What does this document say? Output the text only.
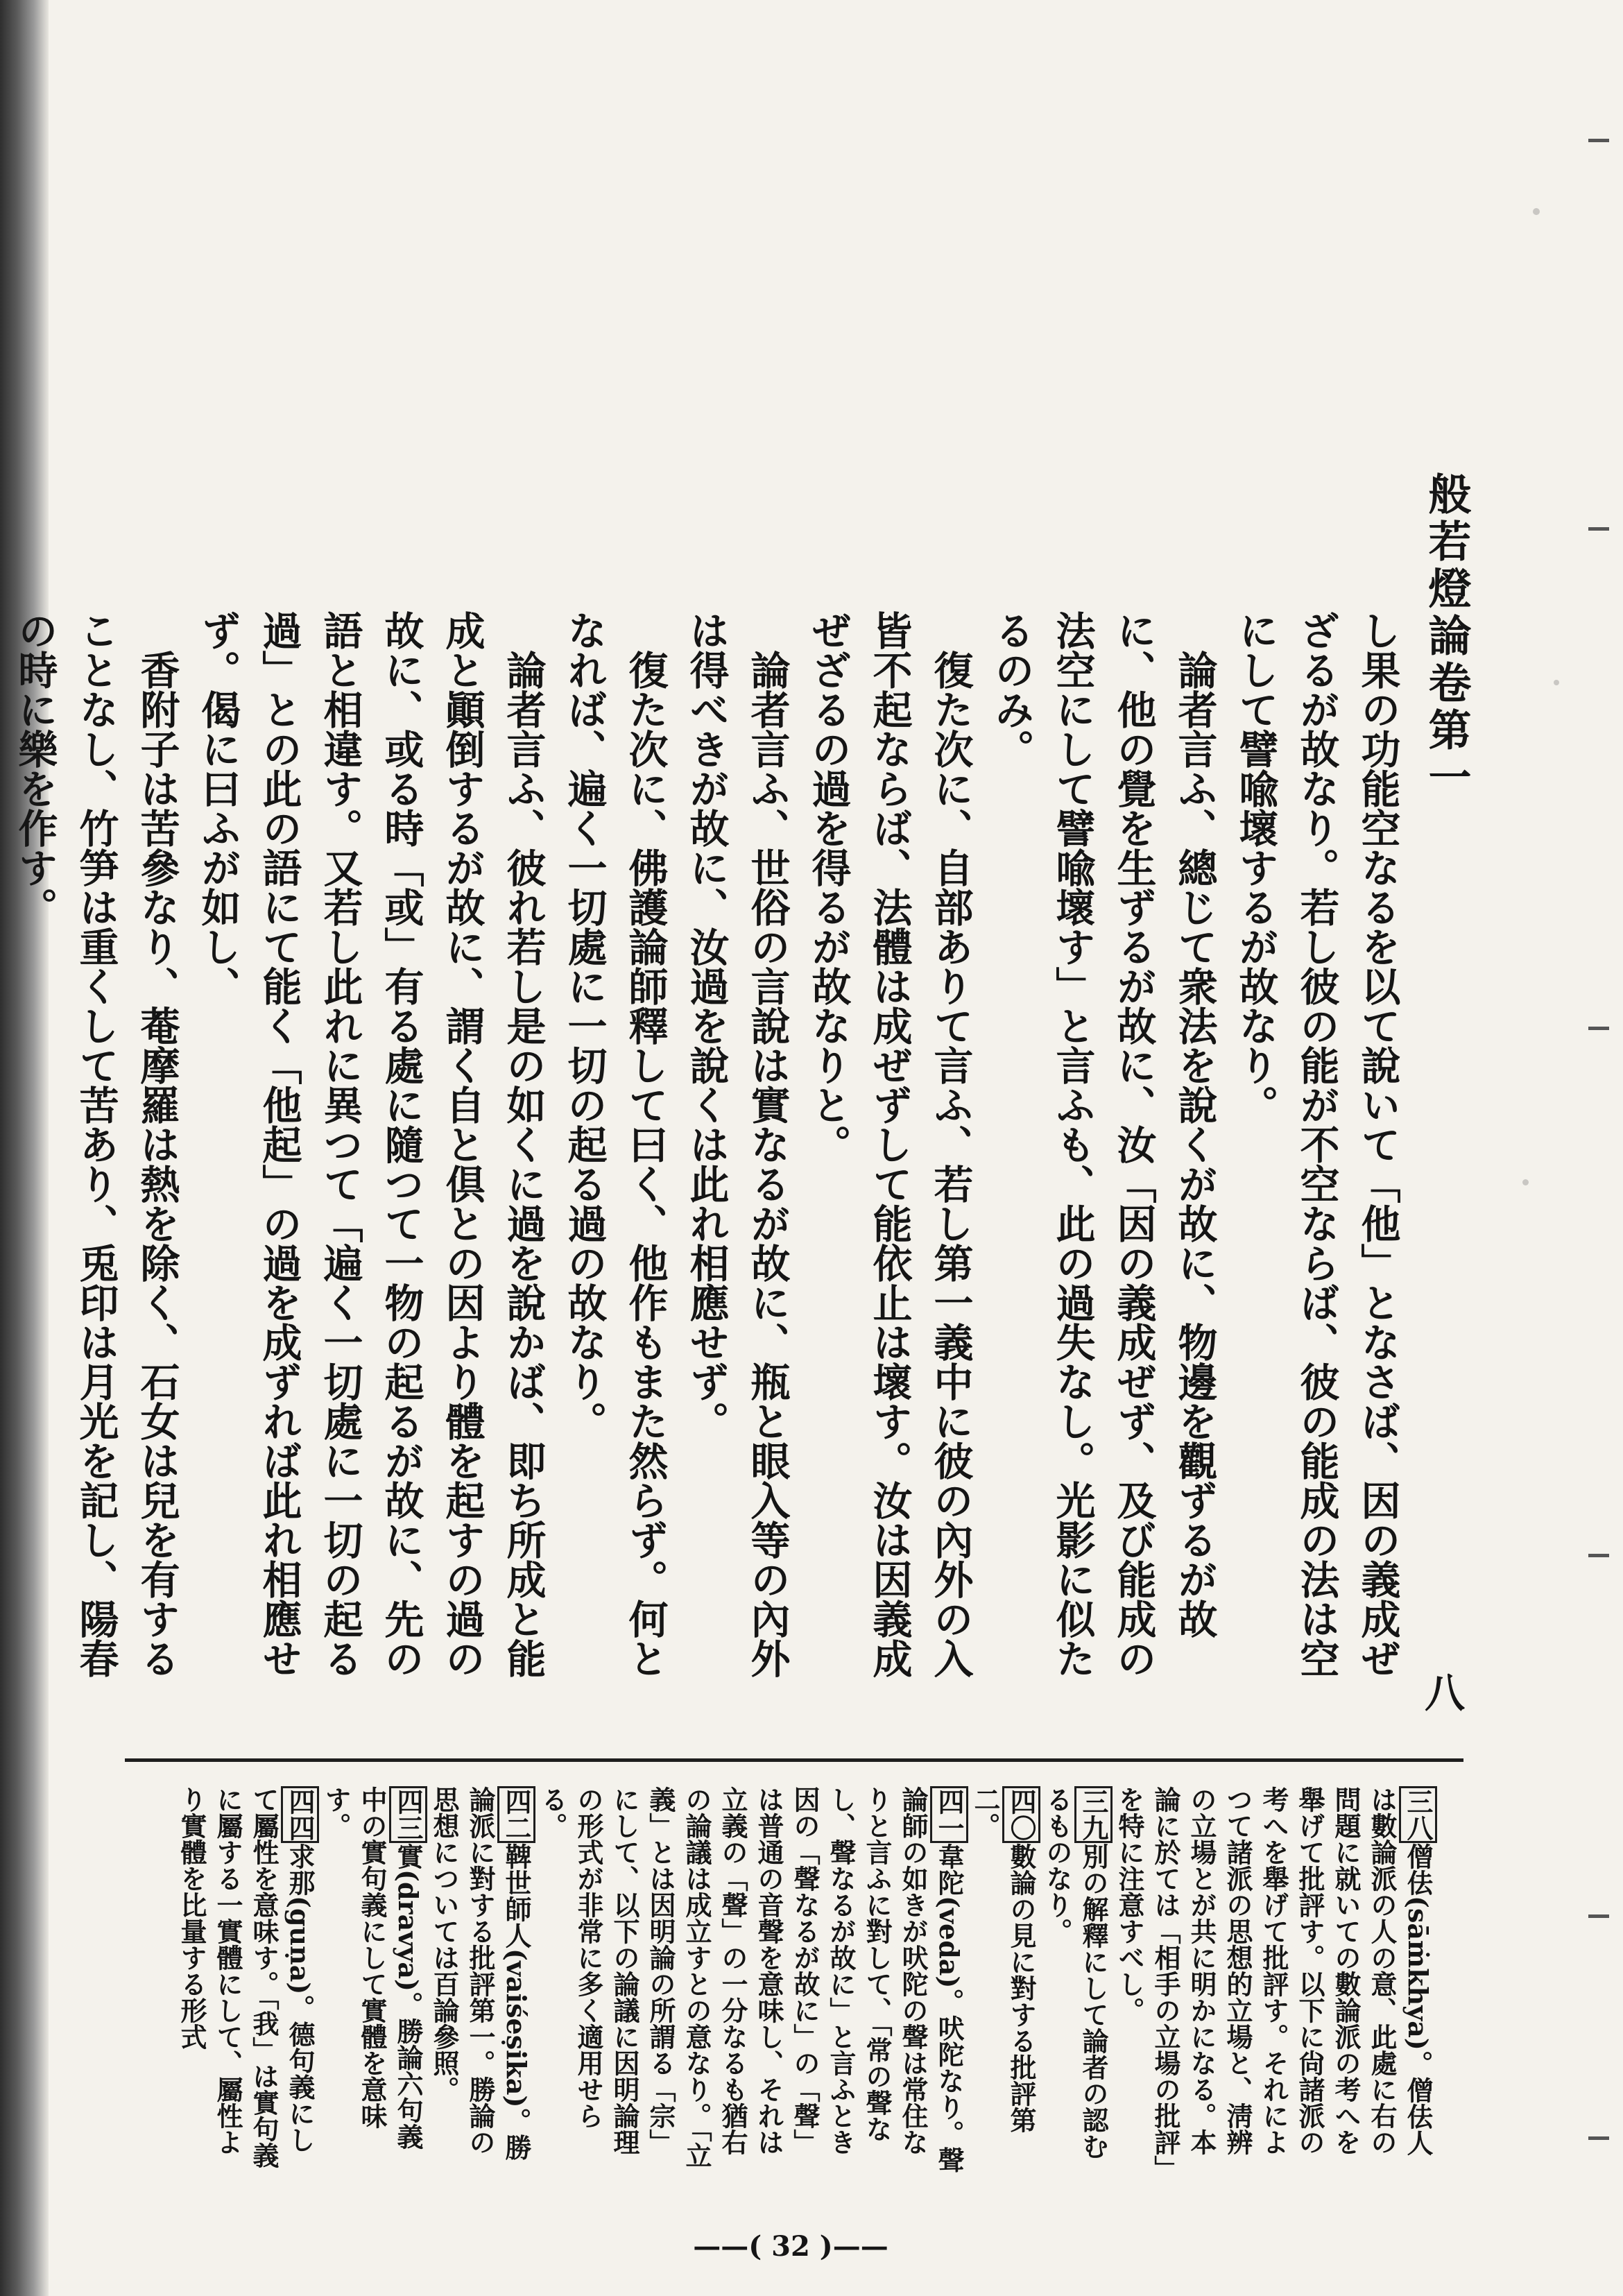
般若燈論卷第一
八

し果の功能空なるを以て說いて「他」となさば、因の義成ぜざるが故なり。若し彼の能が不空ならば、彼の能成の法は空にして譬喩壞するが故なり。

論者言ふ、總じて衆法を說くが故に、物邊を觀ずるが故に、他の覺を生ずるが故に、汝「因の義成ぜず、及び能成の法空にして譬喩壞す」と言ふも、此の過失なし。光影に似たるのみ。

復た次に、自部ありて言ふ、若し第一義中に彼の內外の入皆不起ならば、法體は成ぜずして能依止は壞す。汝は因義成ぜざるの過を得るが故なりと。

論者言ふ、世俗の言說は實なるが故に、瓶と眼入等の內外は得べきが故に、汝過を說くは此れ相應せず。

復た次に、佛護論師釋して曰く、他作もまた然らず。何となれば、遍く一切處に一切の起る過の故なり。

論者言ふ、彼れ若し是の如くに過を說かば、即ち所成と能成と顚倒するが故に、謂く自と倶との因より體を起すの過の故に、或る時「或」有る處に隨つて一物の起るが故に、先の語と相違す。又若し此れに異つて「遍く一切處に一切の起る過」との此の語にて能く「他起」の過を成ずれば此れ相應せず。偈に曰ふが如し、

香附子は苦參なり、菴摩羅は熱を除く、石女は兒を有することなし、竹笋は重くして苦あり、兎印は月光を記し、陽春の時に樂を作す。

三八僧佉(sāṁkhya)。僧佉人は數論派の人の意、此處に右の問題に就いての數論派の考へを舉げて批評す。以下に尙諸派の考へを舉げて批評す。それによつて諸派の思想的立場と、淸辨の立場とが共に明かになる。本論に於ては「相手の立場の批評」を特に注意すべし。

三九別の解釋にして論者の認むるものなり。

四〇數論の見に對する批評第二。

四一韋陀(veda)。吠陀なり。聲論師の如きが吠陀の聲は常住なりと言ふに對して、「常の聲なし、聲なるが故に」と言ふとき因の「聲なるが故に」の「聲」は普通の音聲を意味し、それは立義の「聲」の一分なるも猶右の論議は成立すとの意なり。「立義」とは因明論の所謂る「宗」にして、以下の論議に因明論理の形式が非常に多く適用せらる。

四二鞞世師人(vaiśeṣika)。勝論派に對する批評第一。勝論の思想については百論參照。

四三實(dravya)。勝論六句義中の實句義にして實體を意味す。

四四求那(guṇa)。德句義にして屬性を意味す。「我」は實句義に屬する一實體にして、屬性より實體を比量する形式

——( 32 )——
